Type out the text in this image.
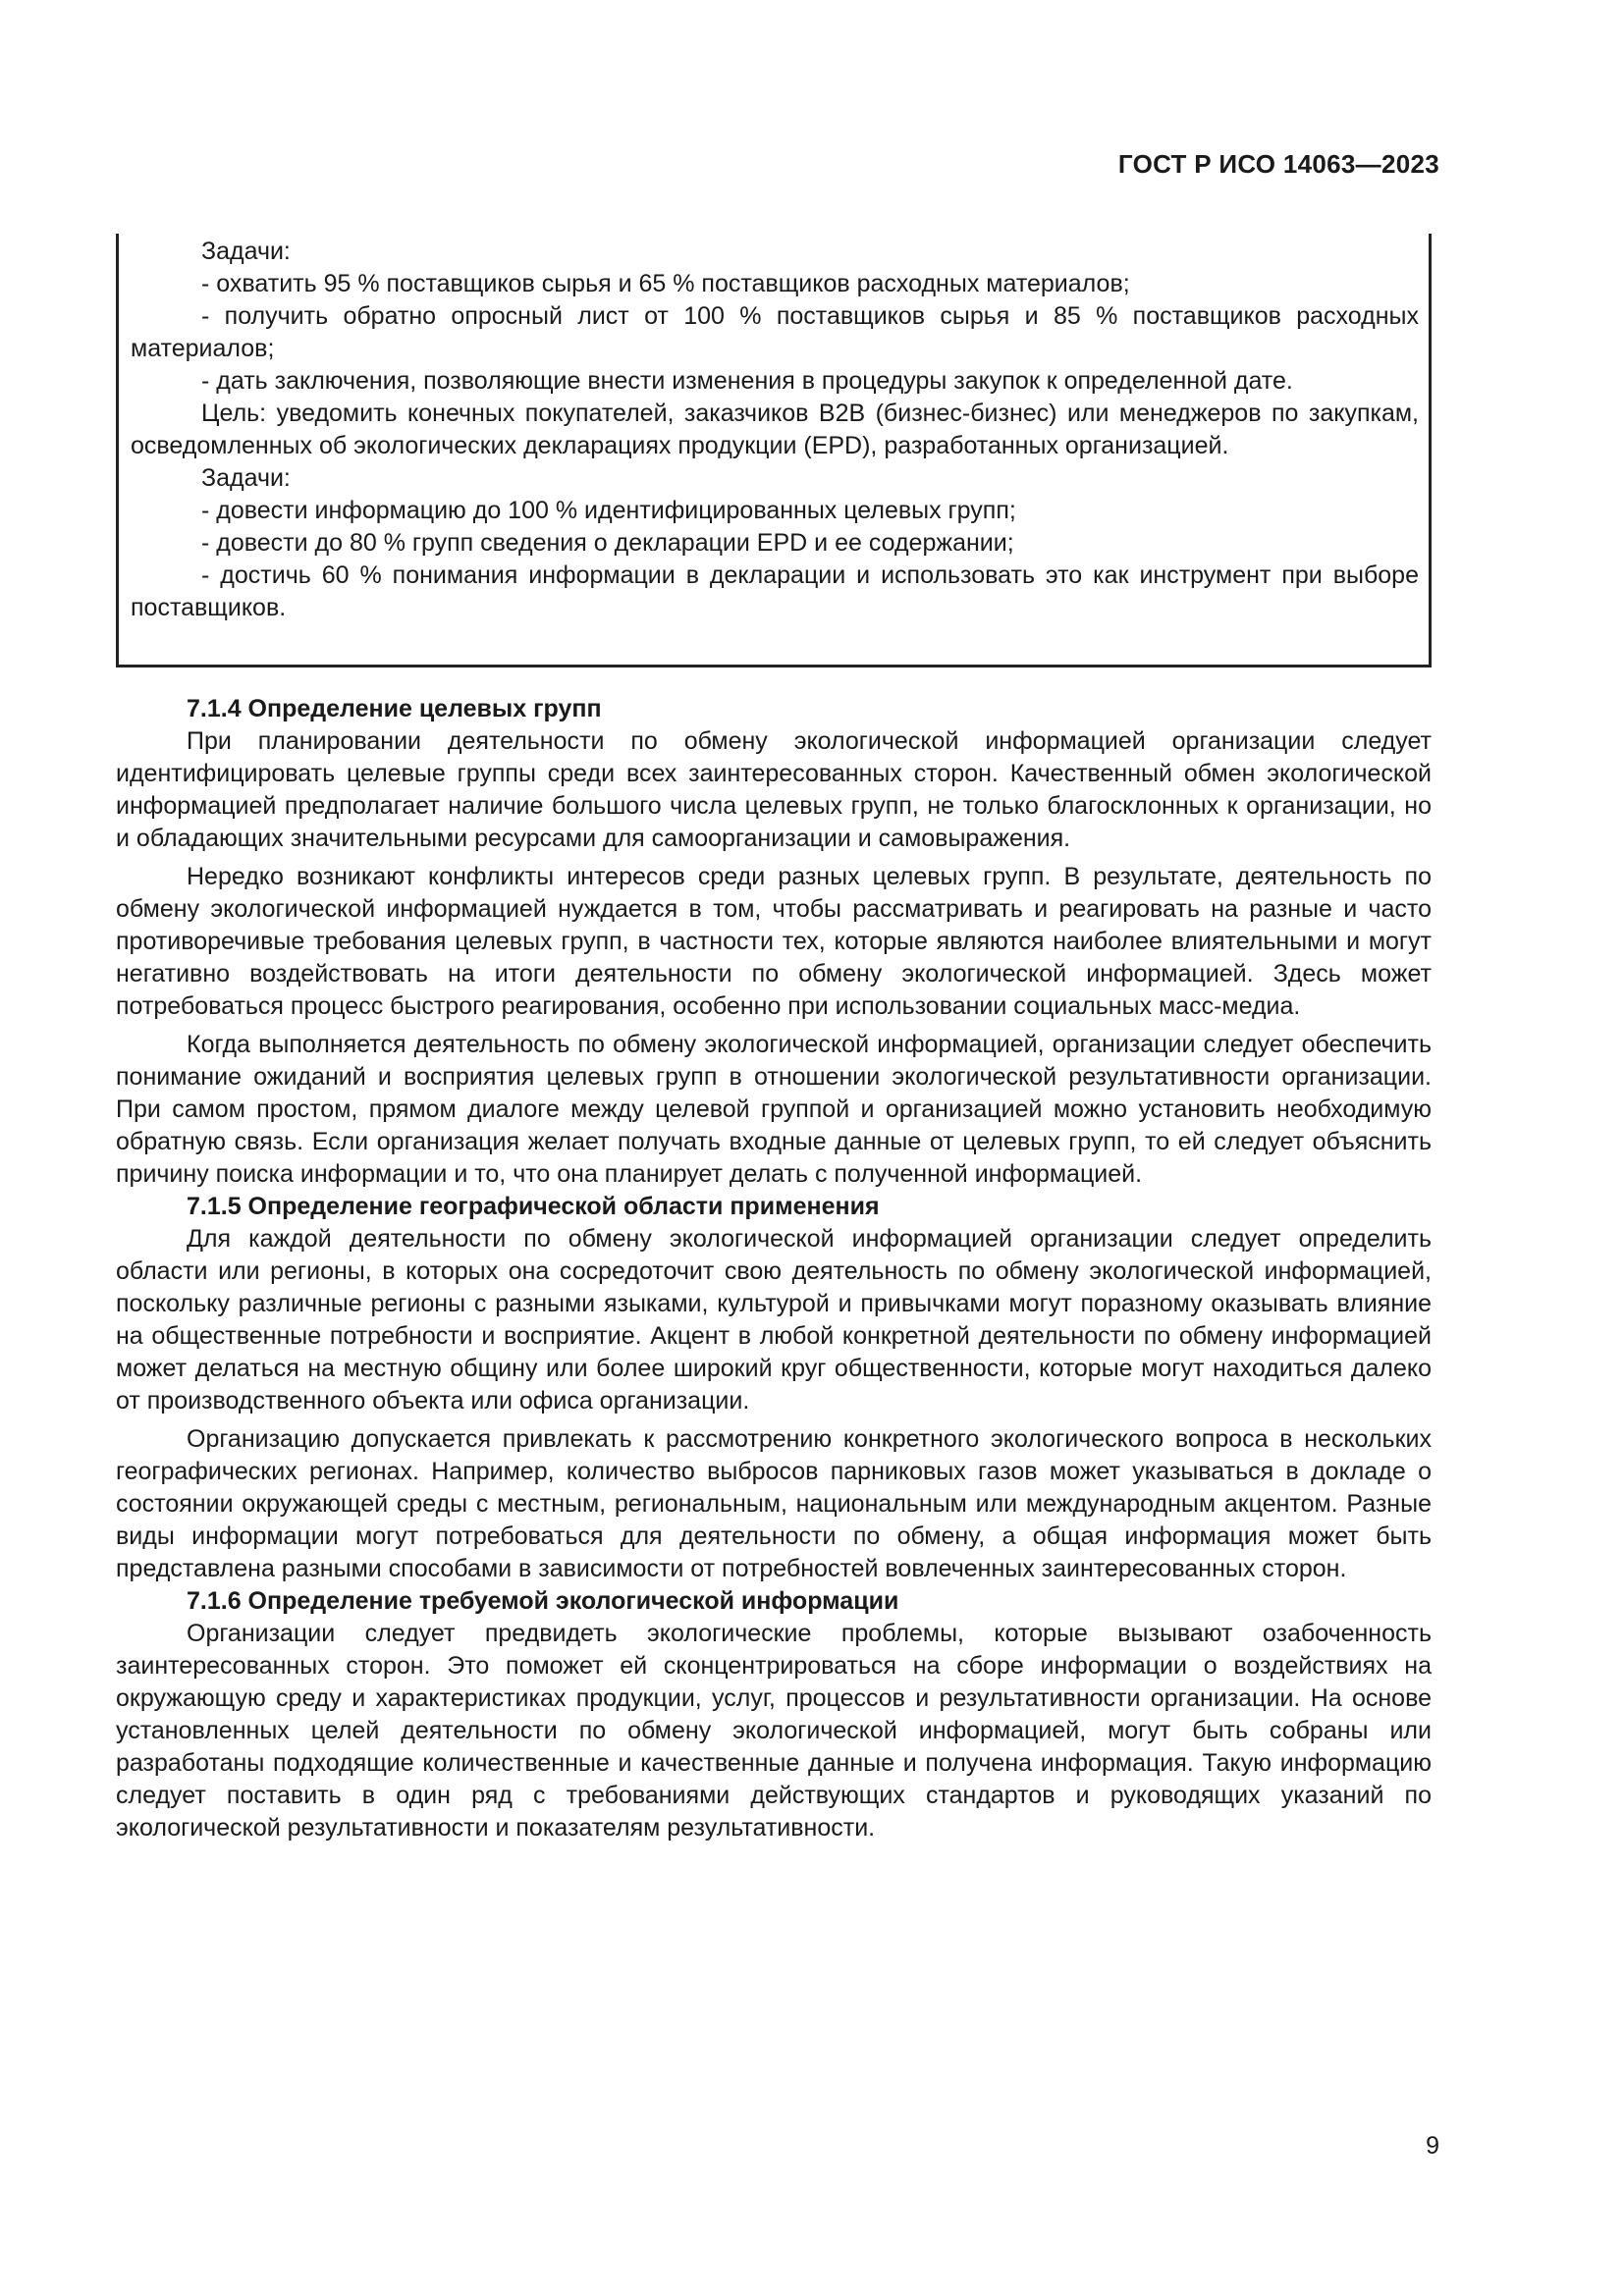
ГОСТ Р ИСО 14063—2023

Задачи:

- охватить 95 % поставщиков сырья и 65 % поставщиков расходных материалов;

- получить обратно опросный лист от 100 % поставщиков сырья и 85 % поставщиков расходных материалов;

- дать заключения, позволяющие внести изменения в процедуры закупок к определенной дате.

Цель: уведомить конечных покупателей, заказчиков B2B (бизнес-бизнес) или менеджеров по закупкам, осведомленных об экологических декларациях продукции (EPD), разработанных организацией.

Задачи:

- довести информацию до 100 % идентифицированных целевых групп;

- довести до 80 % групп сведения о декларации EPD и ее содержании;

- достичь 60 % понимания информации в декларации и использовать это как инструмент при выборе поставщиков.

7.1.4 Определение целевых групп

При планировании деятельности по обмену экологической информацией организации следует идентифицировать целевые группы среди всех заинтересованных сторон. Качественный обмен экологической информацией предполагает наличие большого числа целевых групп, не только благосклонных к организации, но и обладающих значительными ресурсами для самоорганизации и самовыражения.

Нередко возникают конфликты интересов среди разных целевых групп. В результате, деятельность по обмену экологической информацией нуждается в том, чтобы рассматривать и реагировать на разные и часто противоречивые требования целевых групп, в частности тех, которые являются наиболее влиятельными и могут негативно воздействовать на итоги деятельности по обмену экологической информацией. Здесь может потребоваться процесс быстрого реагирования, особенно при использовании социальных масс-медиа.

Когда выполняется деятельность по обмену экологической информацией, организации следует обеспечить понимание ожиданий и восприятия целевых групп в отношении экологической результативности организации. При самом простом, прямом диалоге между целевой группой и организацией можно установить необходимую обратную связь. Если организация желает получать входные данные от целевых групп, то ей следует объяснить причину поиска информации и то, что она планирует делать с полученной информацией.

7.1.5 Определение географической области применения

Для каждой деятельности по обмену экологической информацией организации следует определить области или регионы, в которых она сосредоточит свою деятельность по обмену экологической информацией, поскольку различные регионы с разными языками, культурой и привычками могут поразному оказывать влияние на общественные потребности и восприятие. Акцент в любой конкретной деятельности по обмену информацией может делаться на местную общину или более широкий круг общественности, которые могут находиться далеко от производственного объекта или офиса организации.

Организацию допускается привлекать к рассмотрению конкретного экологического вопроса в нескольких географических регионах. Например, количество выбросов парниковых газов может указываться в докладе о состоянии окружающей среды с местным, региональным, национальным или международным акцентом. Разные виды информации могут потребоваться для деятельности по обмену, а общая информация может быть представлена разными способами в зависимости от потребностей вовлеченных заинтересованных сторон.

7.1.6 Определение требуемой экологической информации

Организации следует предвидеть экологические проблемы, которые вызывают озабоченность заинтересованных сторон. Это поможет ей сконцентрироваться на сборе информации о воздействиях на окружающую среду и характеристиках продукции, услуг, процессов и результативности организации. На основе установленных целей деятельности по обмену экологической информацией, могут быть собраны или разработаны подходящие количественные и качественные данные и получена информация. Такую информацию следует поставить в один ряд с требованиями действующих стандартов и руководящих указаний по экологической результативности и показателям результативности.

9
